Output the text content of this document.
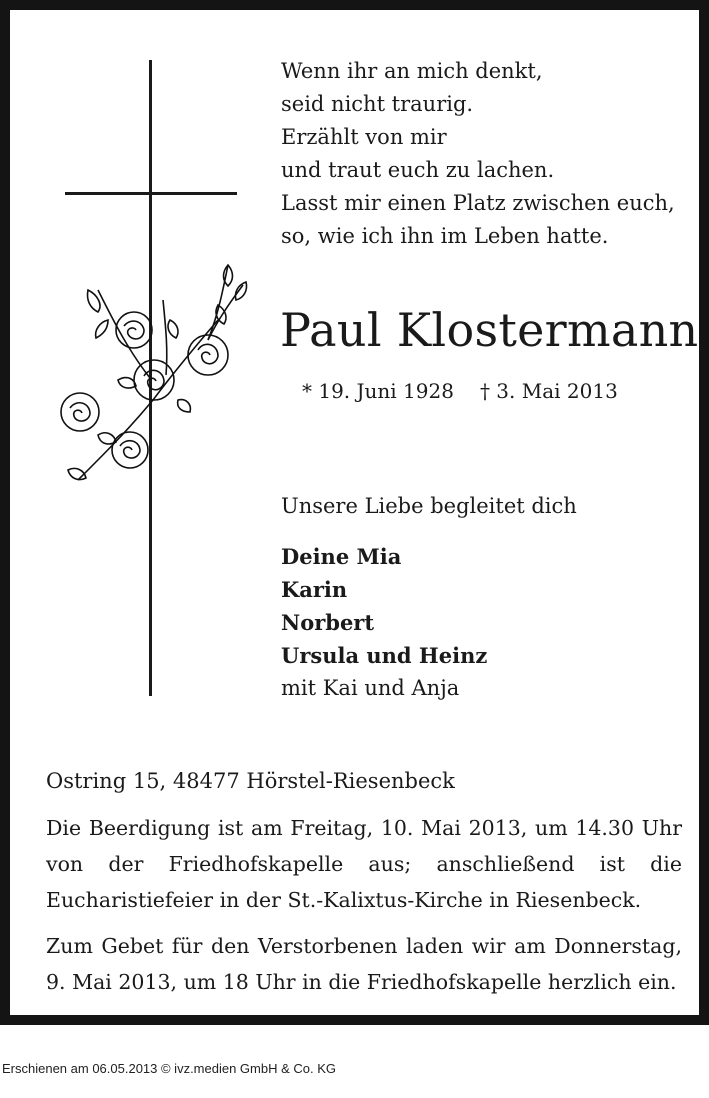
Wenn ihr an mich denkt,
seid nicht traurig.
Erzählt von mir
und traut euch zu lachen.
Lasst mir einen Platz zwischen euch,
so, wie ich ihn im Leben hatte.
Paul Klostermann
* 19. Juni 1928 † 3. Mai 2013
Unsere Liebe begleitet dich
Deine Mia
Karin
Norbert
Ursula und Heinz
mit Kai und Anja
Ostring 15, 48477 Hörstel-Riesenbeck
Die Beerdigung ist am Freitag, 10. Mai 2013, um 14.30 Uhr von der Friedhofskapelle aus; anschließend ist die Eucharistiefeier in der St.-Kalixtus-Kirche in Riesenbeck.
Zum Gebet für den Verstorbenen laden wir am Donnerstag, 9. Mai 2013, um 18 Uhr in die Friedhofskapelle herzlich ein.
Erschienen am 06.05.2013 © ivz.medien GmbH & Co. KG
